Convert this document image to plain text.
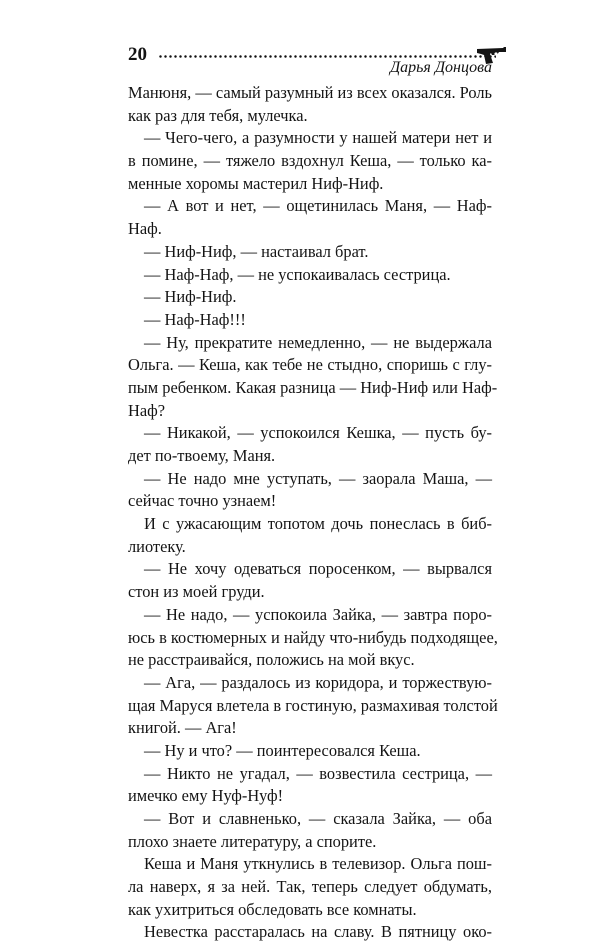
20
Дарья Донцова
Манюня, — самый разумный из всех оказался. Роль
как раз для тебя, мулечка.
— Чего-чего, а разумности у нашей матери нет и
в помине, — тяжело вздохнул Кеша, — только ка-
менные хоромы мастерил Ниф-Ниф.
— А вот и нет, — ощетинилась Маня, — Наф-
Наф.
— Ниф-Ниф, — настаивал брат.
— Наф-Наф, — не успокаивалась сестрица.
— Ниф-Ниф.
— Наф-Наф!!!
— Ну, прекратите немедленно, — не выдержала
Ольга. — Кеша, как тебе не стыдно, споришь с глу-
пым ребенком. Какая разница — Ниф-Ниф или Наф-
Наф?
— Никакой, — успокоился Кешка, — пусть бу-
дет по-твоему, Маня.
— Не надо мне уступать, — заорала Маша, —
сейчас точно узнаем!
И с ужасающим топотом дочь понеслась в биб-
лиотеку.
— Не хочу одеваться поросенком, — вырвался
стон из моей груди.
— Не надо, — успокоила Зайка, — завтра поро-
юсь в костюмерных и найду что-нибудь подходящее,
не расстраивайся, положись на мой вкус.
— Ага, — раздалось из коридора, и торжествую-
щая Маруся влетела в гостиную, размахивая толстой
книгой. — Ага!
— Ну и что? — поинтересовался Кеша.
— Никто не угадал, — возвестила сестрица, —
имечко ему Нуф-Нуф!
— Вот и славненько, — сказала Зайка, — оба
плохо знаете литературу, а спорите.
Кеша и Маня уткнулись в телевизор. Ольга пош-
ла наверх, я за ней. Так, теперь следует обдумать,
как ухитриться обследовать все комнаты.
Невестка расстаралась на славу. В пятницу око-
